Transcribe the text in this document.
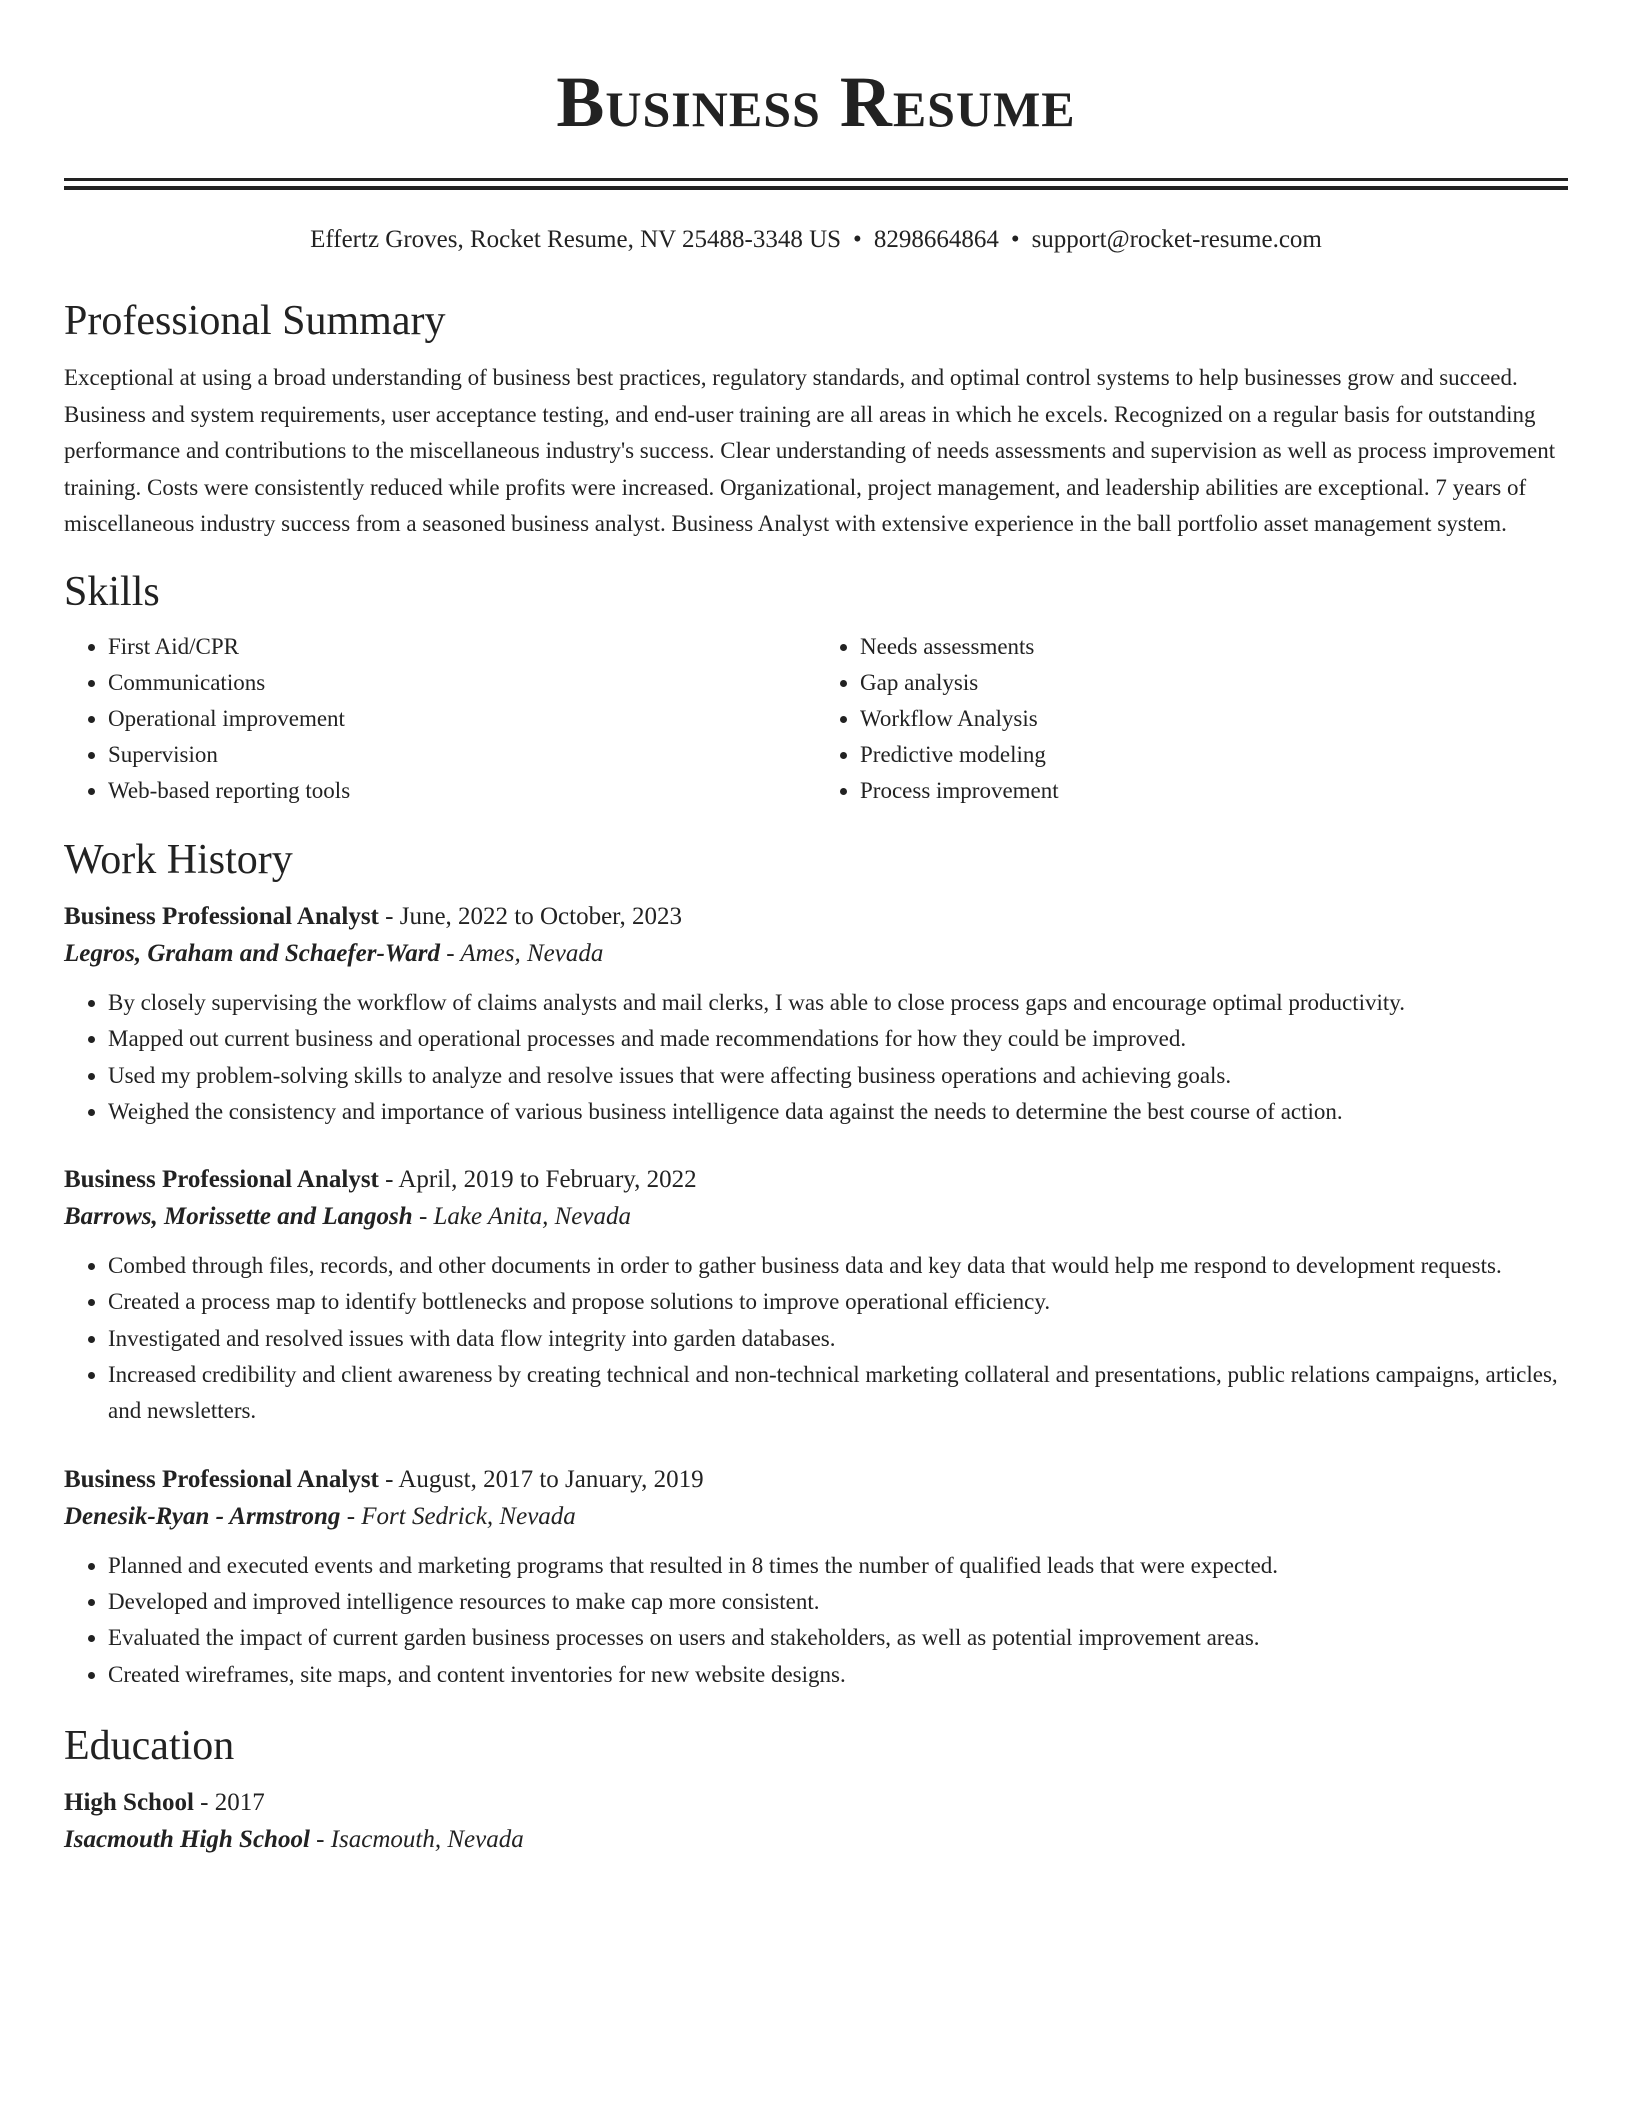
Business Resume
Effertz Groves, Rocket Resume, NV 25488-3348 US • 8298664864 • support@rocket-resume.com
Professional Summary

Exceptional at using a broad understanding of business best practices, regulatory standards, and optimal control systems to help businesses grow and succeed. Business and system requirements, user acceptance testing, and end-user training are all areas in which he excels. Recognized on a regular basis for outstanding performance and contributions to the miscellaneous industry's success. Clear understanding of needs assessments and supervision as well as process improvement training. Costs were consistently reduced while profits were increased. Organizational, project management, and leadership abilities are exceptional. 7 years of miscellaneous industry success from a seasoned business analyst. Business Analyst with extensive experience in the ball portfolio asset management system.

Skills
• First Aid/CPR
• Communications
• Operational improvement
• Supervision
• Web-based reporting tools
• Needs assessments
• Gap analysis
• Workflow Analysis
• Predictive modeling
• Process improvement
Work History
Business Professional Analyst - June, 2022 to October, 2023
Legros, Graham and Schaefer-Ward - Ames, Nevada
• By closely supervising the workflow of claims analysts and mail clerks, I was able to close process gaps and encourage optimal productivity.
• Mapped out current business and operational processes and made recommendations for how they could be improved.
• Used my problem-solving skills to analyze and resolve issues that were affecting business operations and achieving goals.
• Weighed the consistency and importance of various business intelligence data against the needs to determine the best course of action.
Business Professional Analyst - April, 2019 to February, 2022
Barrows, Morissette and Langosh - Lake Anita, Nevada
• Combed through files, records, and other documents in order to gather business data and key data that would help me respond to development requests.
• Created a process map to identify bottlenecks and propose solutions to improve operational efficiency.
• Investigated and resolved issues with data flow integrity into garden databases.
• Increased credibility and client awareness by creating technical and non-technical marketing collateral and presentations, public relations campaigns, articles, and newsletters.
Business Professional Analyst - August, 2017 to January, 2019
Denesik-Ryan - Armstrong - Fort Sedrick, Nevada
• Planned and executed events and marketing programs that resulted in 8 times the number of qualified leads that were expected.
• Developed and improved intelligence resources to make cap more consistent.
• Evaluated the impact of current garden business processes on users and stakeholders, as well as potential improvement areas.
• Created wireframes, site maps, and content inventories for new website designs.
Education
High School - 2017
Isacmouth High School - Isacmouth, Nevada
